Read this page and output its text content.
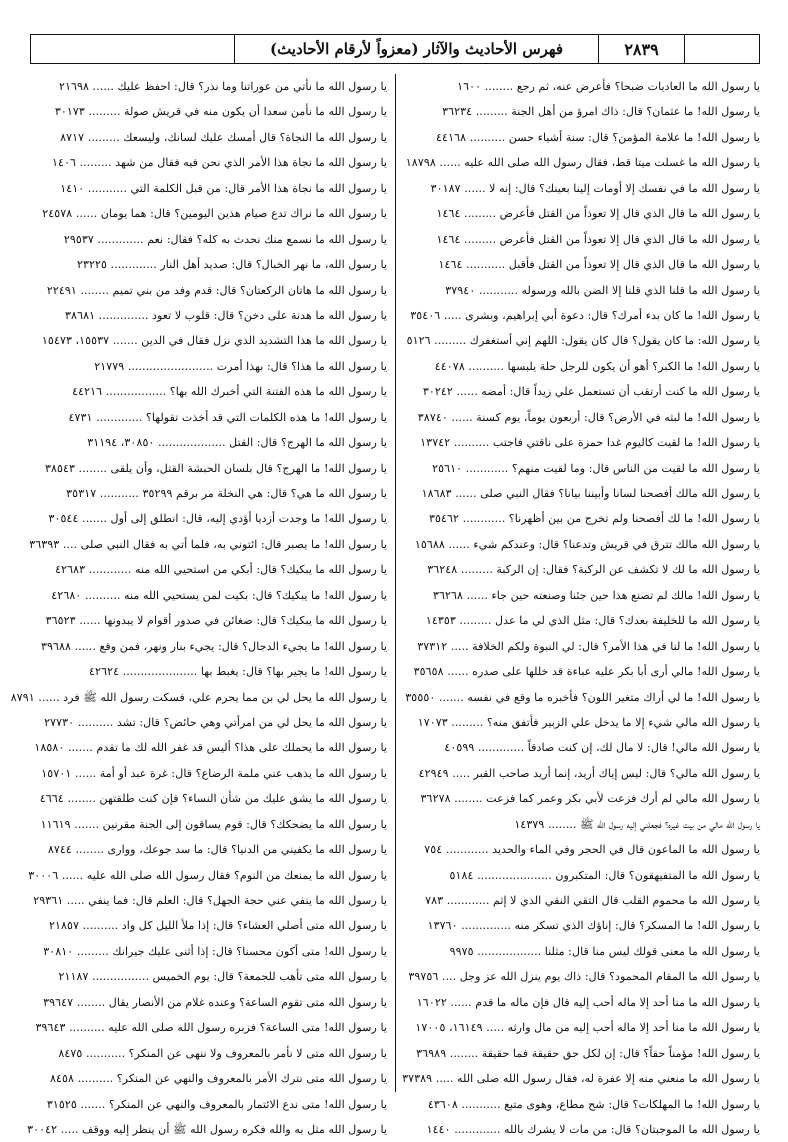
فهرس الأحاديث والآثار (معزواً لأرقام الأحاديث)	٢٨٣٩
يا رسول الله ما العاديات ضبحا؟ فأعرض عنه، ثم رجع ........ ١٦٠٠
يا رسول الله! ما عثمان؟ قال: ذاك امرؤ من أهل الجنة ......... ٣٦٢٣٤
يا رسول الله! ما علامة المؤمن؟ قال: سنة أشياء حسن .......... ٤٤١٦٨
يا رسول الله ما غسلت ميتا قط، فقال رسول الله صلى الله عليه ...... ١٨٧٩٨
يا رسول الله ما في نفسك إلا أومات إلينا بعينك؟ قال: إنه لا ...... ٣٠١٨٧
يا رسول الله ما قال الذي قال إلا تعوذاً من القتل فأعرض ......... ١٤٦٤
يا رسول الله ما قال الذي قال إلا تعوذاً من القتل فأعرض ......... ١٤٦٤
يا رسول الله ما قال الذي قال إلا تعوذاً من القتل فأقبل ........... ١٤٦٤
يا رسول الله ما قلنا الذي قلنا إلا الضن بالله ورسوله ........... ٣٧٩٤٠
يا رسول الله! ما كان بدء أمرك؟ قال: دعوة أبي إبراهيم، وبشرى ..... ٣٥٤٠٦
يا رسول الله: ما كان يقول؟ قال كان يقول: اللهم إني أستغفرك ......... ٥١٢٦
يا رسول الله! ما الكبر؟ أهو أن يكون للرجل حلة يلبسها .......... ٤٤٠٧٨
يا رسول الله ما كنت أرتقب أن تستعمل علي زيداً قال: أمضه ...... ٣٠٢٤٢
يا رسول الله! ما لبثه في الأرض؟ قال: أربعون يوماً، يوم كسنة ...... ٣٨٧٤٠
يا رسول الله! ما لقيت كاليوم غدا حمزة على ناقتي فاجتب .......... ١٣٧٤٢
يا رسول الله ما لقيت من الناس قال: وما لقيت منهم؟ ............ ٢٥٦١٠
يا رسول الله مالك أفصحنا لسانا وأبيننا بيانا؟ فقال النبي صلى ...... ١٨٦٨٣
يا رسول الله! ما لك أفصحنا ولم تخرج من بين أظهرنا؟ ............ ٣٥٤٦٢
يا رسول الله مالك تترق في قريش وتدعنا؟ قال: وعندكم شيء ...... ١٥٦٨٨
يا رسول الله ما لك لا تكشف عن الركبة؟ فقال: إن الركبة ......... ٣٦٢٤٨
يا رسول الله! مالك لم تصنع هذا حين جئنا وصنعته حين جاء ...... ٣٦٢٦٨
يا رسول الله ما للخليفة بعدك؟ قال: مثل الذي لي ما عدل ......... ١٤٣٥٣
يا رسول الله! ما لنا في هذا الأمر؟ قال: لي النبوة ولكم الخلافة ..... ٣٧٣١٢
يا رسول الله! مالي أرى أبا بكر عليه عباءة قد خللها على صدره ...... ٣٥٦٥٨
يا رسول الله! ما لي أراك متغير اللون؟ فأخبره ما وقع في نفسه ....... ٣٥٥٥٠
يا رسول الله مالي شيء إلا ما يدخل علي الزبير فأتفق منه؟ ......... ١٧٠٧٣
يا رسول الله مالي! قال: لا مال لك، إن كنت صادقاً ............. ٤٠٥٩٩
يا رسول الله مالي؟ قال: ليس إياك أريد، إنما أريد صاحب القبر ..... ٤٢٩٤٩
يا رسول الله مالي لم أرك فزعت لأبي بكر وعمر كما فزعت ........ ٣٦٢٧٨
يا رسول الله مالي من بيت غيره؟ فجعلني إليه رسول الله ﷺ ........ ١٤٣٧٩
يا رسول الله ما الماعون قال في الحجر وفي الماء والحديد ............ ٧٥٤
يا رسول الله ما المتفيهقون؟ قال: المتكبرون ..................... ٥١٨٤
يا رسول الله ما محموم القلب قال التقي النقي الذي لا إثم ............ ٧٨٣
يا رسول الله! ما المسكر؟ قال: إناؤك الذي تسكر منه .............. ١٣٧٦٠
يا رسول الله ما معنى قولك ليس منا قال: مثلنا .................. ٩٩٧٥
يا رسول الله ما المقام المحمود؟ قال: ذاك يوم ينزل الله عز وجل .... ٣٩٧٥٦
يا رسول الله ما منا أحد إلا ماله أحب إليه قال فإن ماله ما قدم ...... ١٦٠٢٢
يا رسول الله ما منا أحد إلا ماله أحب إليه من مال وارثه ..... ١٦١٤٩، ١٧٠٠٥
يا رسول الله! مؤمناً حقاً؟ قال: إن لكل حق حقيقة فما حقيقة ........ ٣٦٩٨٩
يا رسول الله ما منعني منه إلا عفرة له، فقال رسول الله صلى الله ..... ٣٧٣٨٩
يا رسول الله! ما المهلكات؟ قال: شح مطاع، وهوى متبع ........... ٤٣٦٠٨
يا رسول الله ما الموجبتان؟ قال: من مات لا يشرك بالله ............. ١٤٤٠
يا رسول الله ما نأتي من عوراتنا وما نذر؟ قال: احفظ عليك ...... ٢١٦٩٨
يا رسول الله ما نأمن سعدا أن يكون منه في قريش صولة ......... ٣٠١٧٣
يا رسول الله ما النجاة؟ قال أمسك عليك لسانك، وليسعك ......... ٨٧١٧
يا رسول الله ما نجاة هذا الأمر الذي نحن فيه فقال من شهد ......... ١٤٠٦
يا رسول الله ما نجاة هذا الأمر قال: من قبل الكلمة التي ........... ١٤١٠
يا رسول الله ما نراك تدع صيام هذين اليومين؟ قال: هما يومان ...... ٢٤٥٧٨
يا رسول الله ما نسمع منك نحدث به كله؟ فقال: نعم ............. ٢٩٥٣٧
يا رسول الله، ما نهر الخبال؟ قال: صديد أهل النار ............. ٢٣٢٢٥
يا رسول الله ما هاتان الركعتان؟ قال: قدم وفد من بني تميم ........ ٢٢٤٩١
يا رسول الله ما هدنة على دخن؟ قال: قلوب لا تعود .............. ٣٨٦٨١
يا رسول الله ما هذا التشديد الذي نزل فقال في الدين ....... ١٥٥٣٧، ١٥٤٧٣
يا رسول الله ما هذا؟ قال: بهذا أمرت ........................ ٢١٧٧٩
يا رسول الله ما هذه الفتنة التي أخبرك الله بها؟ ................. ٤٤٢١٦
يا رسول الله! ما هذه الكلمات التي قد أخذت تقولها؟ ............. ٤٧٣١
يا رسول الله ما الهرج؟ قال: القتل ................... ٣٠٨٥٠، ٣١١٩٤
يا رسول الله! ما الهرج؟ قال بلسان الحبشة القتل، وأن يلقى ........ ٣٨٥٤٣
يا رسول الله ما هي؟ قال: هي النخلة مر برقم ٣٥٢٩٩ ........... ٣٥٣١٧
يا رسول الله! ما وجدت أزديا أؤدي إليه، قال: انطلق إلى أول ....... ٣٠٥٤٤
يا رسول الله! ما يصبر قال: ائتوني به، فلما أتي به فقال النبي صلى .... ٣٦٣٩٣
يا رسول الله ما يبكيك؟ قال: أبكي من استحيي الله منه ............ ٤٢٦٨٣
يا رسول الله! ما يبكيك؟ قال: بكيت لمن يستحيي الله منه .......... ٤٢٦٨٠
يا رسول الله ما يبكيك؟ قال: ضغائن في صدور أقوام لا يبدونها ...... ٣٦٥٢٣
يا رسول الله! ما يجيء الدجال؟ قال: يجيء بنار ونهر، فمن وقع ...... ٣٩٦٨٨
يا رسول الله! ما يجير بها؟ قال: يغبط بها ..................... ٤٢٦٢٤
يا رسول الله ما يحل لي بن مما يحرم علي، فسكت رسول الله ﷺ فرد ...... ٨٧٩١
يا رسول الله ما يحل لي من امرأتي وهي حائض؟ قال: تشد .......... ٢٧٧٣٠
يا رسول الله ما يحملك على هذا؟ أليس قد غفر الله لك ما تقدم ....... ١٨٥٨٠
يا رسول الله ما يذهب عني ملمة الرضاع؟ قال: غرة عبد أو أمة ...... ١٥٧٠١
يا رسول الله ما يشق عليك من شأن النساء؟ فإن كنت طلقتهن ........ ٤٦٦٤
يا رسول الله ما يضحكك؟ قال: قوم يساقون إلى الجنة مقرنين ....... ١١٦١٩
يا رسول الله ما يكفيني من الدنيا؟ قال: ما سد جوعك، ووارى ........ ٨٧٤٤
يا رسول الله ما يمنعك من النوم؟ فقال رسول الله صلى الله عليه ...... ٣٠٠٠٦
يا رسول الله ما ينفي عني حجة الجهل؟ قال: العلم قال: فما ينفي ..... ٢٩٣٦١
يا رسول الله متى أصلي العشاء؟ قال: إذا ملأ الليل كل واد .......... ٢١٨٥٧
يا رسول الله! متى أكون محسنا؟ قال: إذا أثنى عليك جيرانك ......... ٣٠٨١٠
يا رسول الله متى تأهب للجمعة؟ قال: يوم الخميس ................ ٢١١٨٧
يا رسول الله متى تقوم الساعة؟ وعنده غلام من الأنصار يقال ........ ٣٩٦٤٧
يا رسول الله! متى الساعة؟ فزبره رسول الله صلى الله عليه .......... ٣٩٦٤٣
يا رسول الله متى لا نأمر بالمعروف ولا ننهى عن المنكر؟ ........... ٨٤٧٥
يا رسول الله متى نترك الأمر بالمعروف والنهي عن المنكر؟ .......... ٨٤٥٨
يا رسول الله! متى ندع الائتمار بالمعروف والنهي عن المنكر؟ ....... ٣١٥٢٥
يا رسول الله مثل به والله فكره رسول الله ﷺ أن ينظر إليه ووقف ..... ٣٠٠٤٢
